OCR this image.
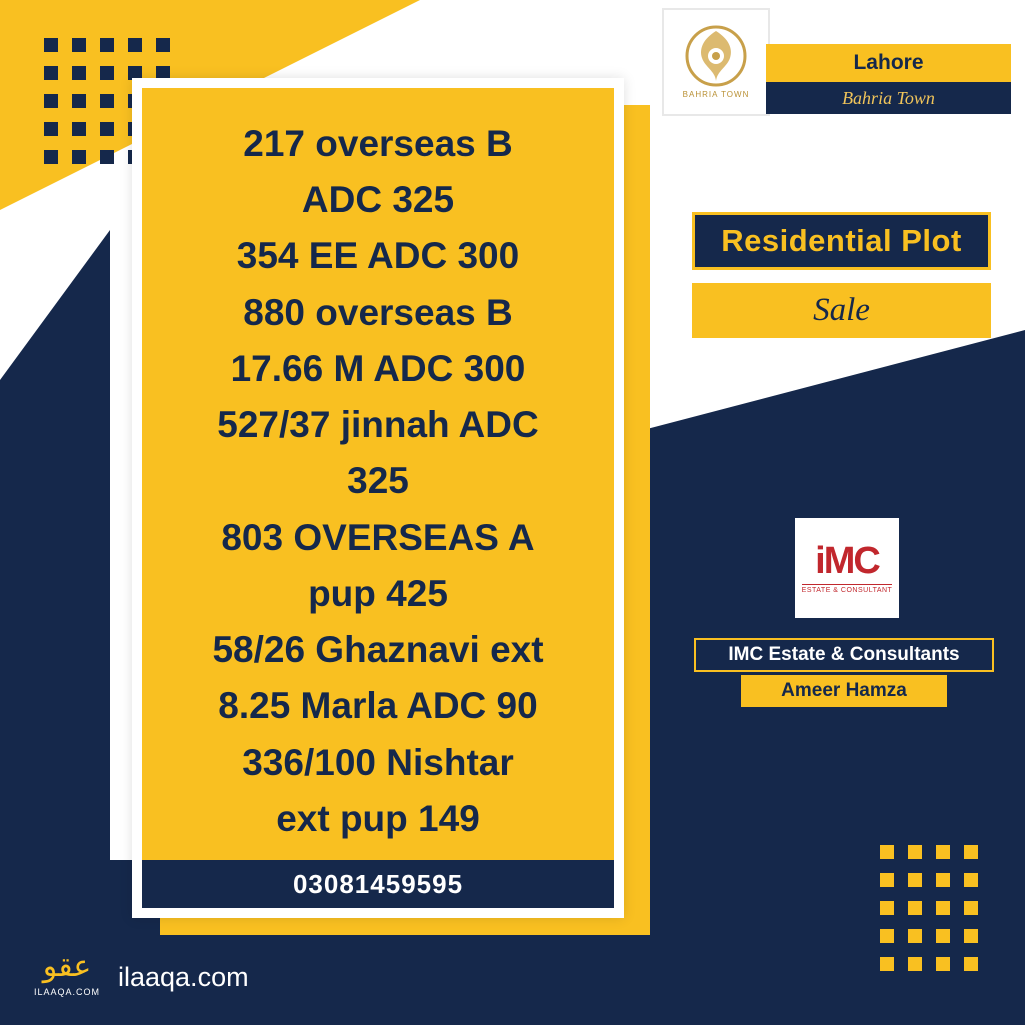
217 overseas B
ADC 325
354 EE ADC 300
880 overseas B
17.66 M ADC 300
527/37 jinnah ADC
325
803 OVERSEAS A
pup 425
58/26 Ghaznavi ext
8.25 Marla ADC 90
336/100 Nishtar
ext pup 149
03081459595
BAHRIA TOWN
Lahore
Bahria Town
Residential Plot
Sale
iMC
ESTATE & CONSULTANT
IMC Estate & Consultants
Ameer Hamza
عقو
ILAAQA.COM ilaaqa.com
